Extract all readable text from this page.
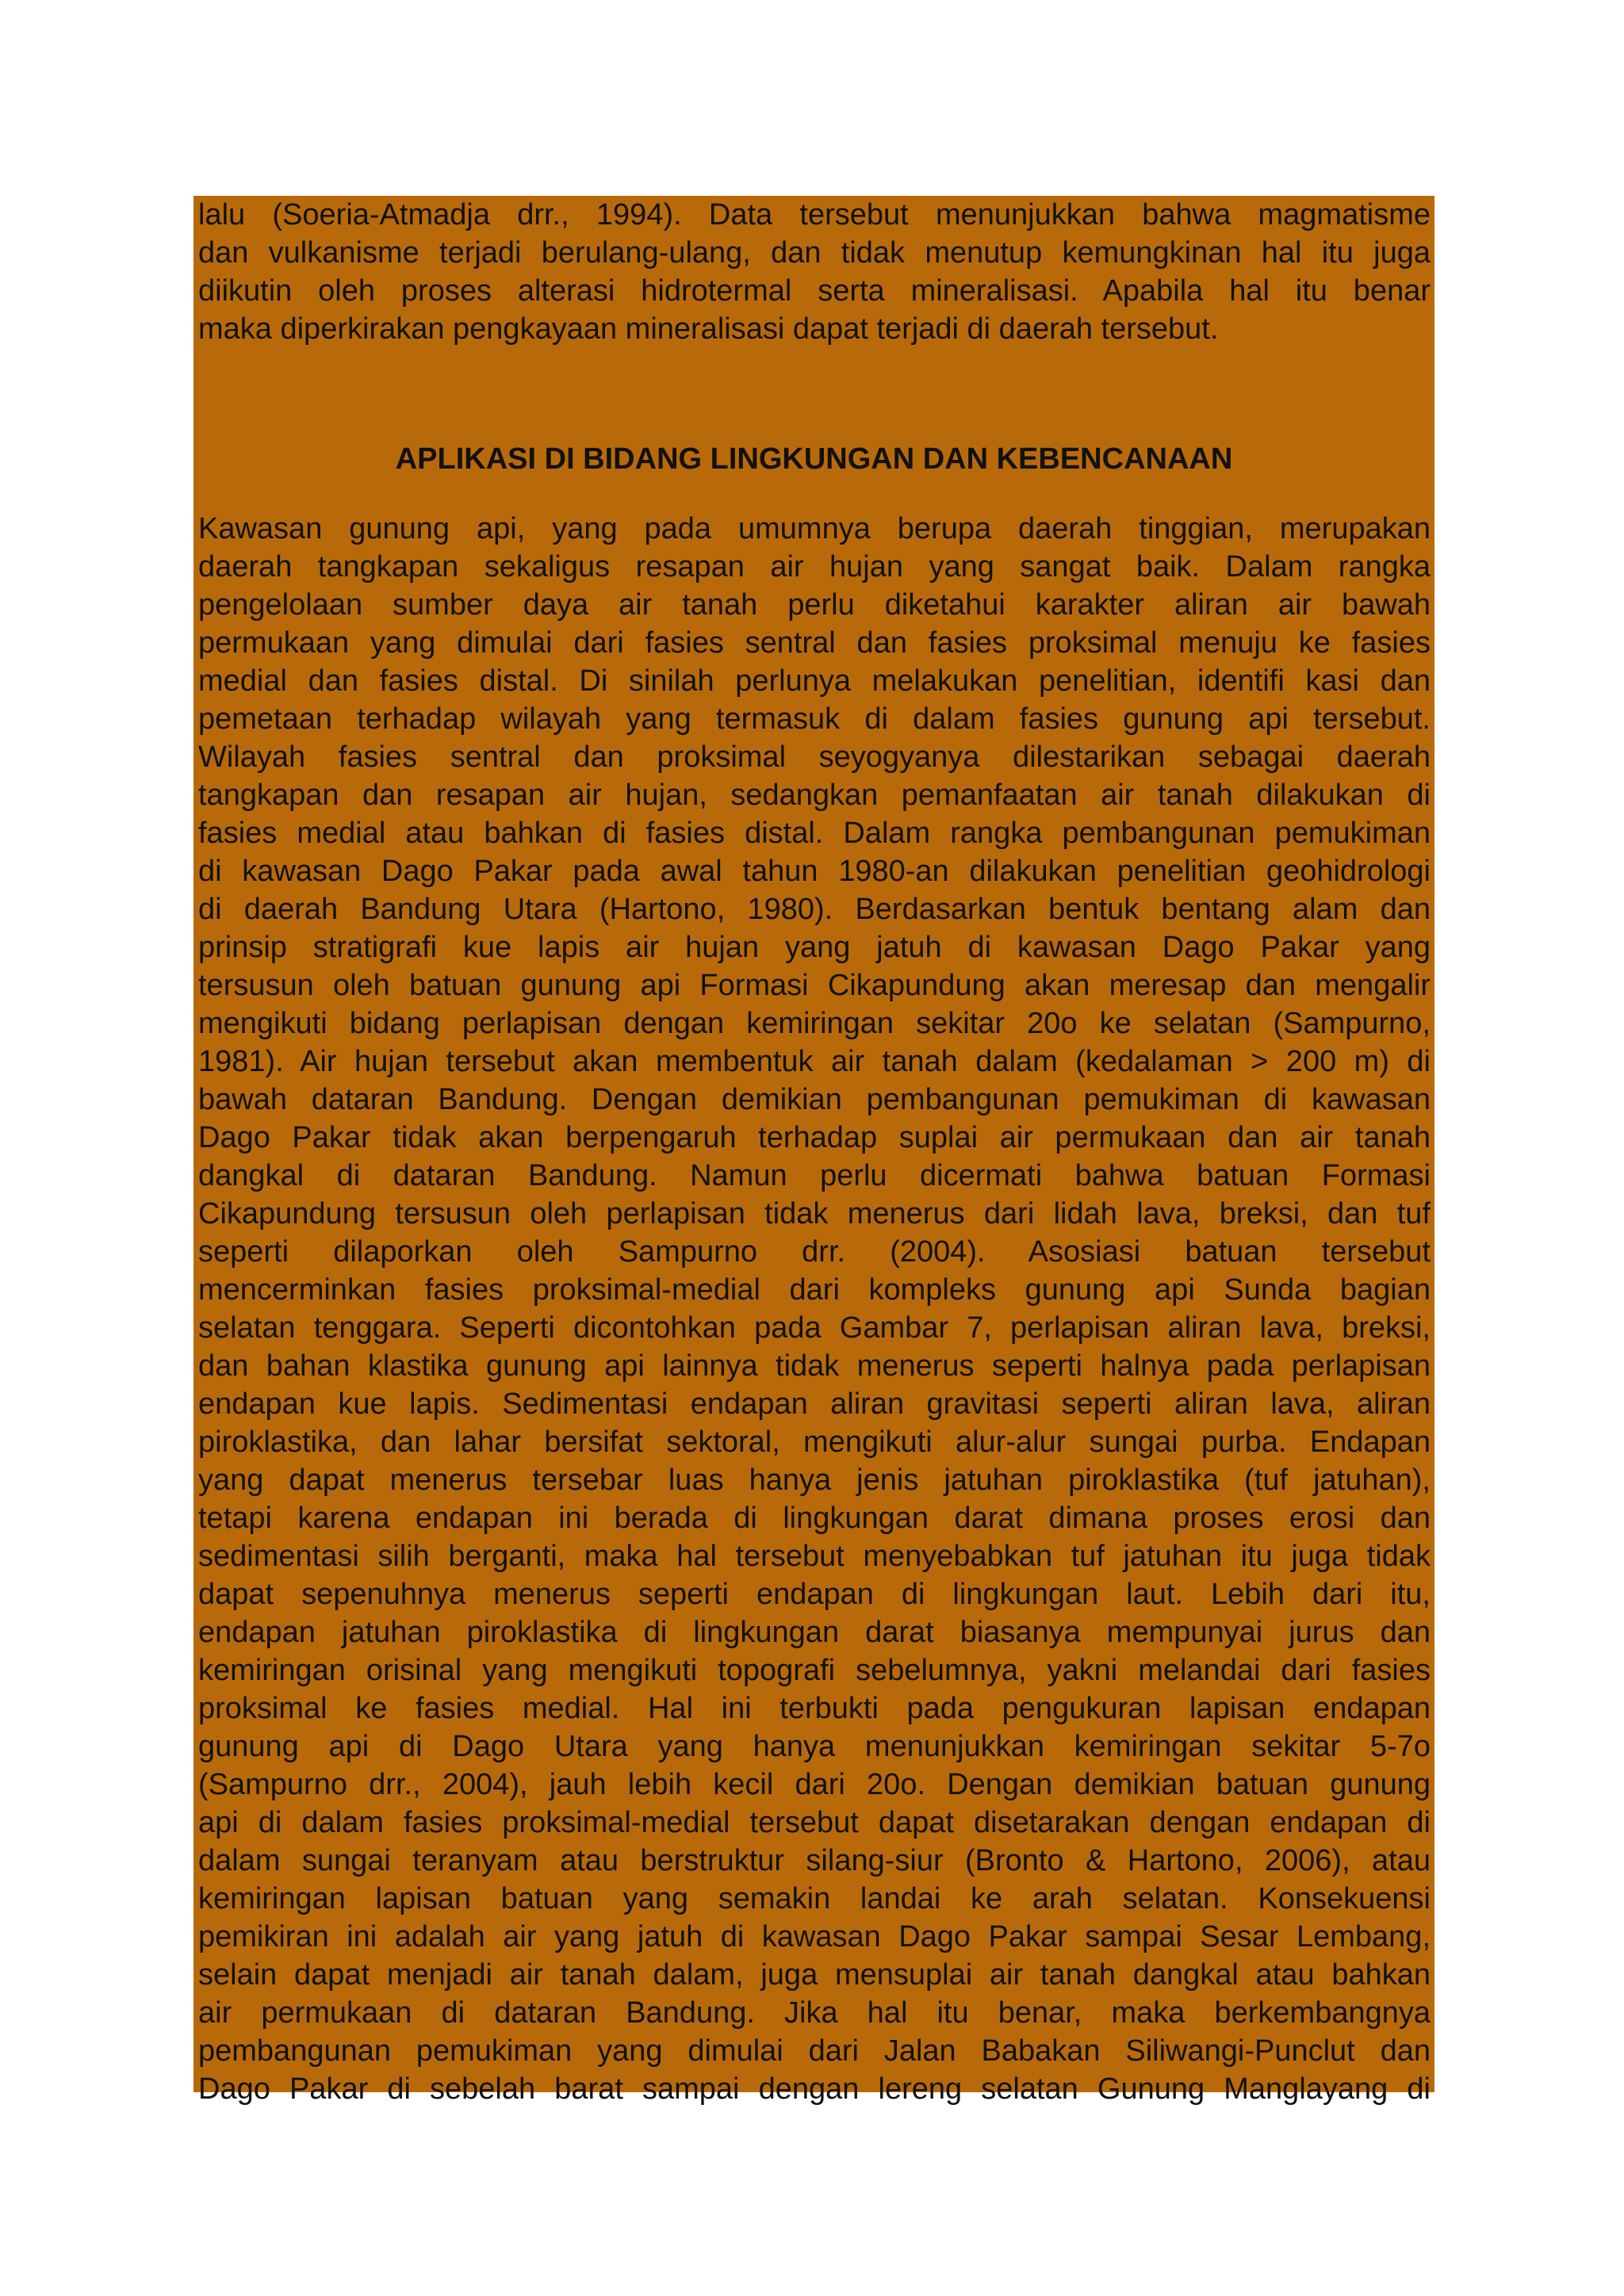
lalu (Soeria-Atmadja drr., 1994). Data tersebut menunjukkan bahwa magmatisme
dan vulkanisme terjadi berulang-ulang, dan tidak menutup kemungkinan hal itu juga
diikutin oleh proses alterasi hidrotermal serta mineralisasi. Apabila hal itu benar
maka diperkirakan pengkayaan mineralisasi dapat terjadi di daerah tersebut.
APLIKASI DI BIDANG LINGKUNGAN DAN KEBENCANAAN
Kawasan gunung api, yang pada umumnya berupa daerah tinggian, merupakan
daerah tangkapan sekaligus resapan air hujan yang sangat baik. Dalam rangka
pengelolaan sumber daya air tanah perlu diketahui karakter aliran air bawah
permukaan yang dimulai dari fasies sentral dan fasies proksimal menuju ke fasies
medial dan fasies distal. Di sinilah perlunya melakukan penelitian, identifi kasi dan
pemetaan terhadap wilayah yang termasuk di dalam fasies gunung api tersebut.
Wilayah fasies sentral dan proksimal seyogyanya dilestarikan sebagai daerah
tangkapan dan resapan air hujan, sedangkan pemanfaatan air tanah dilakukan di
fasies medial atau bahkan di fasies distal. Dalam rangka pembangunan pemukiman
di kawasan Dago Pakar pada awal tahun 1980-an dilakukan penelitian geohidrologi
di daerah Bandung Utara (Hartono, 1980). Berdasarkan bentuk bentang alam dan
prinsip stratigrafi kue lapis air hujan yang jatuh di kawasan Dago Pakar yang
tersusun oleh batuan gunung api Formasi Cikapundung akan meresap dan mengalir
mengikuti bidang perlapisan dengan kemiringan sekitar 20o ke selatan (Sampurno,
1981). Air hujan tersebut akan membentuk air tanah dalam (kedalaman > 200 m) di
bawah dataran Bandung. Dengan demikian pembangunan pemukiman di kawasan
Dago Pakar tidak akan berpengaruh terhadap suplai air permukaan dan air tanah
dangkal di dataran Bandung. Namun perlu dicermati bahwa batuan Formasi
Cikapundung tersusun oleh perlapisan tidak menerus dari lidah lava, breksi, dan tuf
seperti dilaporkan oleh Sampurno drr. (2004). Asosiasi batuan tersebut
mencerminkan fasies proksimal-medial dari kompleks gunung api Sunda bagian
selatan tenggara. Seperti dicontohkan pada Gambar 7, perlapisan aliran lava, breksi,
dan bahan klastika gunung api lainnya tidak menerus seperti halnya pada perlapisan
endapan kue lapis. Sedimentasi endapan aliran gravitasi seperti aliran lava, aliran
piroklastika, dan lahar bersifat sektoral, mengikuti alur-alur sungai purba. Endapan
yang dapat menerus tersebar luas hanya jenis jatuhan piroklastika (tuf jatuhan),
tetapi karena endapan ini berada di lingkungan darat dimana proses erosi dan
sedimentasi silih berganti, maka hal tersebut menyebabkan tuf jatuhan itu juga tidak
dapat sepenuhnya menerus seperti endapan di lingkungan laut. Lebih dari itu,
endapan jatuhan piroklastika di lingkungan darat biasanya mempunyai jurus dan
kemiringan orisinal yang mengikuti topografi sebelumnya, yakni melandai dari fasies
proksimal ke fasies medial. Hal ini terbukti pada pengukuran lapisan endapan
gunung api di Dago Utara yang hanya menunjukkan kemiringan sekitar 5-7o
(Sampurno drr., 2004), jauh lebih kecil dari 20o. Dengan demikian batuan gunung
api di dalam fasies proksimal-medial tersebut dapat disetarakan dengan endapan di
dalam sungai teranyam atau berstruktur silang-siur (Bronto & Hartono, 2006), atau
kemiringan lapisan batuan yang semakin landai ke arah selatan. Konsekuensi
pemikiran ini adalah air yang jatuh di kawasan Dago Pakar sampai Sesar Lembang,
selain dapat menjadi air tanah dalam, juga mensuplai air tanah dangkal atau bahkan
air permukaan di dataran Bandung. Jika hal itu benar, maka berkembangnya
pembangunan pemukiman yang dimulai dari Jalan Babakan Siliwangi-Punclut dan
Dago Pakar di sebelah barat sampai dengan lereng selatan Gunung Manglayang di
